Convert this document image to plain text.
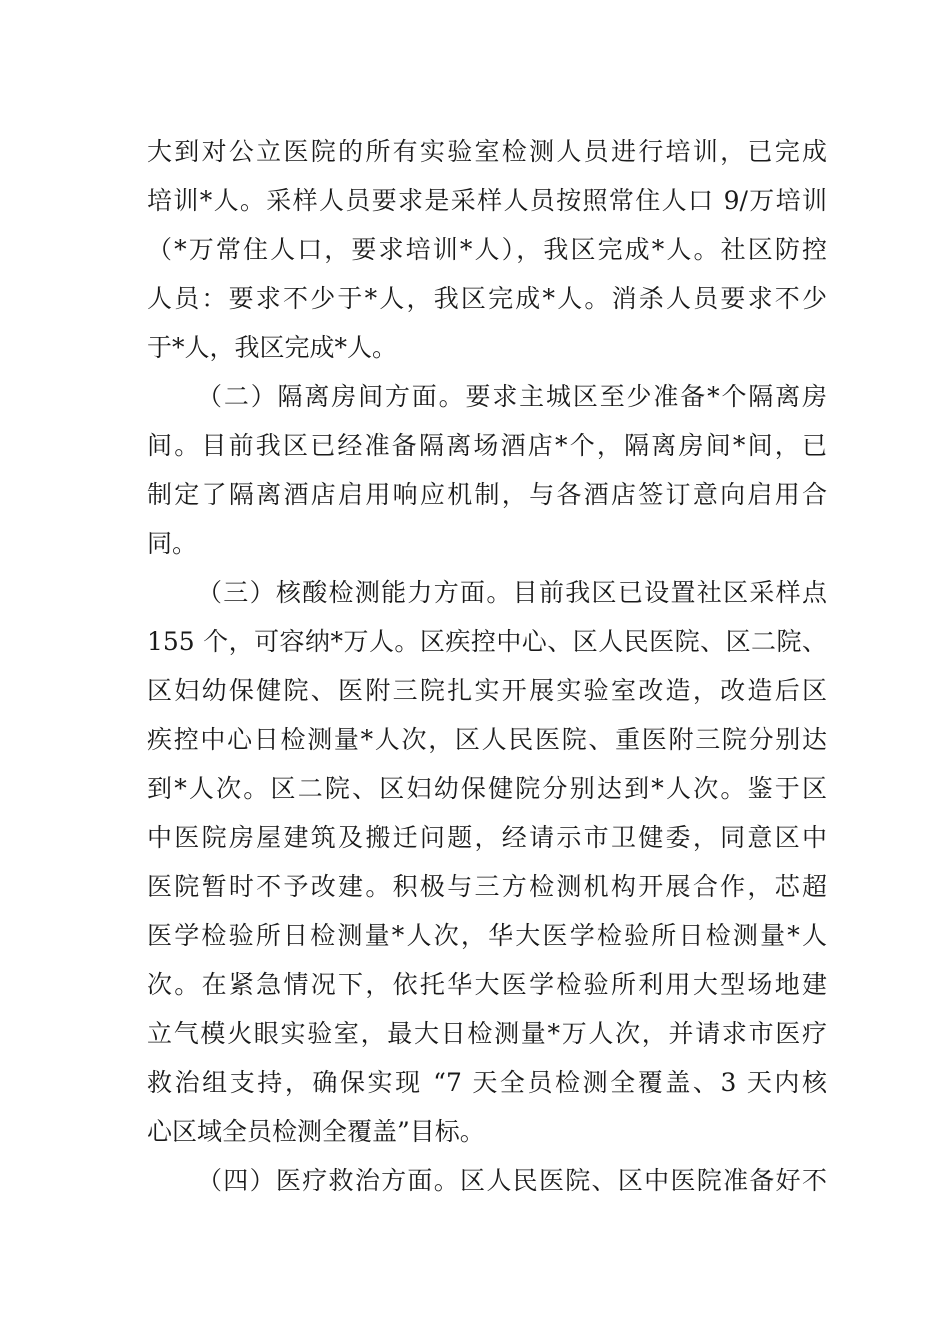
大到对公立医院的所有实验室检测人员进行培训，已完成
培训*人。采样人员要求是采样人员按照常住人口 9/万培训
（*万常住人口，要求培训*人），我区完成*人。社区防控
人员：要求不少于*人，我区完成*人。消杀人员要求不少
于*人，我区完成*人。
（二）隔离房间方面。要求主城区至少准备*个隔离房
间。目前我区已经准备隔离场酒店*个，隔离房间*间，已
制定了隔离酒店启用响应机制，与各酒店签订意向启用合
同。
（三）核酸检测能力方面。目前我区已设置社区采样点
155 个，可容纳*万人。区疾控中心、区人民医院、区二院、
区妇幼保健院、医附三院扎实开展实验室改造，改造后区
疾控中心日检测量*人次，区人民医院、重医附三院分别达
到*人次。区二院、区妇幼保健院分别达到*人次。鉴于区
中医院房屋建筑及搬迁问题，经请示市卫健委，同意区中
医院暂时不予改建。积极与三方检测机构开展合作，芯超
医学检验所日检测量*人次，华大医学检验所日检测量*人
次。在紧急情况下，依托华大医学检验所利用大型场地建
立气模火眼实验室，最大日检测量*万人次，并请求市医疗
救治组支持，确保实现 “7 天全员检测全覆盖、3 天内核
心区域全员检测全覆盖”目标。
（四）医疗救治方面。区人民医院、区中医院准备好不
